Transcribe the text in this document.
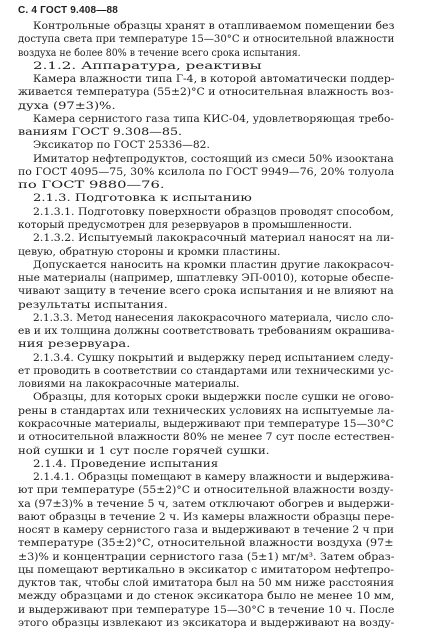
С. 4 ГОСТ 9.408—88
Контрольные образцы хранят в отапливаемом помещении без
доступа света при температуре 15—30°С и относительной влажности
воздуха не более 80% в течение всего срока испытания.
2.1.2. Аппаратура, реактивы
Камера влажности типа Г-4, в которой автоматически поддер-
живается температура (55±2)°С и относительная влажность воз-
духа (97±3)%.
Камера сернистого газа типа КИС-04, удовлетворяющая требо-
ваниям ГОСТ 9.308—85.
Эксикатор по ГОСТ 25336—82.
Имитатор нефтепродуктов, состоящий из смеси 50% изооктана
по ГОСТ 4095—75, 30% ксилола по ГОСТ 9949—76, 20% толуола
по ГОСТ 9880—76.
2.1.3. Подготовка к испытанию
2.1.3.1. Подготовку поверхности образцов проводят способом,
который предусмотрен для резервуаров в промышленности.
2.1.3.2. Испытуемый лакокрасочный материал наносят на ли-
цевую, обратную стороны и кромки пластины.
Допускается наносить на кромки пластин другие лакокрасоч-
ные материалы (например, шпатлевку ЭП-0010), которые обеспе-
чивают защиту в течение всего срока испытания и не влияют на
результаты испытания.
2.1.3.3. Метод нанесения лакокрасочного материала, число сло-
ев и их толщина должны соответствовать требованиям окрашива-
ния резервуара.
2.1.3.4. Сушку покрытий и выдержку перед испытанием следу-
ет проводить в соответствии со стандартами или техническими ус-
ловиями на лакокрасочные материалы.
Образцы, для которых сроки выдержки после сушки не огово-
рены в стандартах или технических условиях на испытуемые ла-
кокрасочные материалы, выдерживают при температуре 15—30°С
и относительной влажности 80% не менее 7 сут после естествен-
ной сушки и 1 сут после горячей сушки.
2.1.4. Проведение испытания
2.1.4.1. Образцы помещают в камеру влажности и выдерживa-
ют при температуре (55±2)°С и относительной влажности возду-
ха (97±3)% в течение 5 ч, затем отключают обогрев и выдержи-
вают образцы в течение 2 ч. Из камеры влажности образцы пере-
носят в камеру сернистого газа и выдерживают в течение 2 ч при
температуре (35±2)°С, относительной влажности воздуха (97±
±3)% и концентрации сернистого газа (5±1) мг/м³. Затем образ-
цы помещают вертикально в эксикатор с имитатором нефтепро-
дуктов так, чтобы слой имитатора был на 50 мм ниже расстояния
между образцами и до стенок эксикатора было не менее 10 мм,
и выдерживают при температуре 15—30°С в течение 10 ч. После
этого образцы извлекают из эксикатора и выдерживают на возду-
